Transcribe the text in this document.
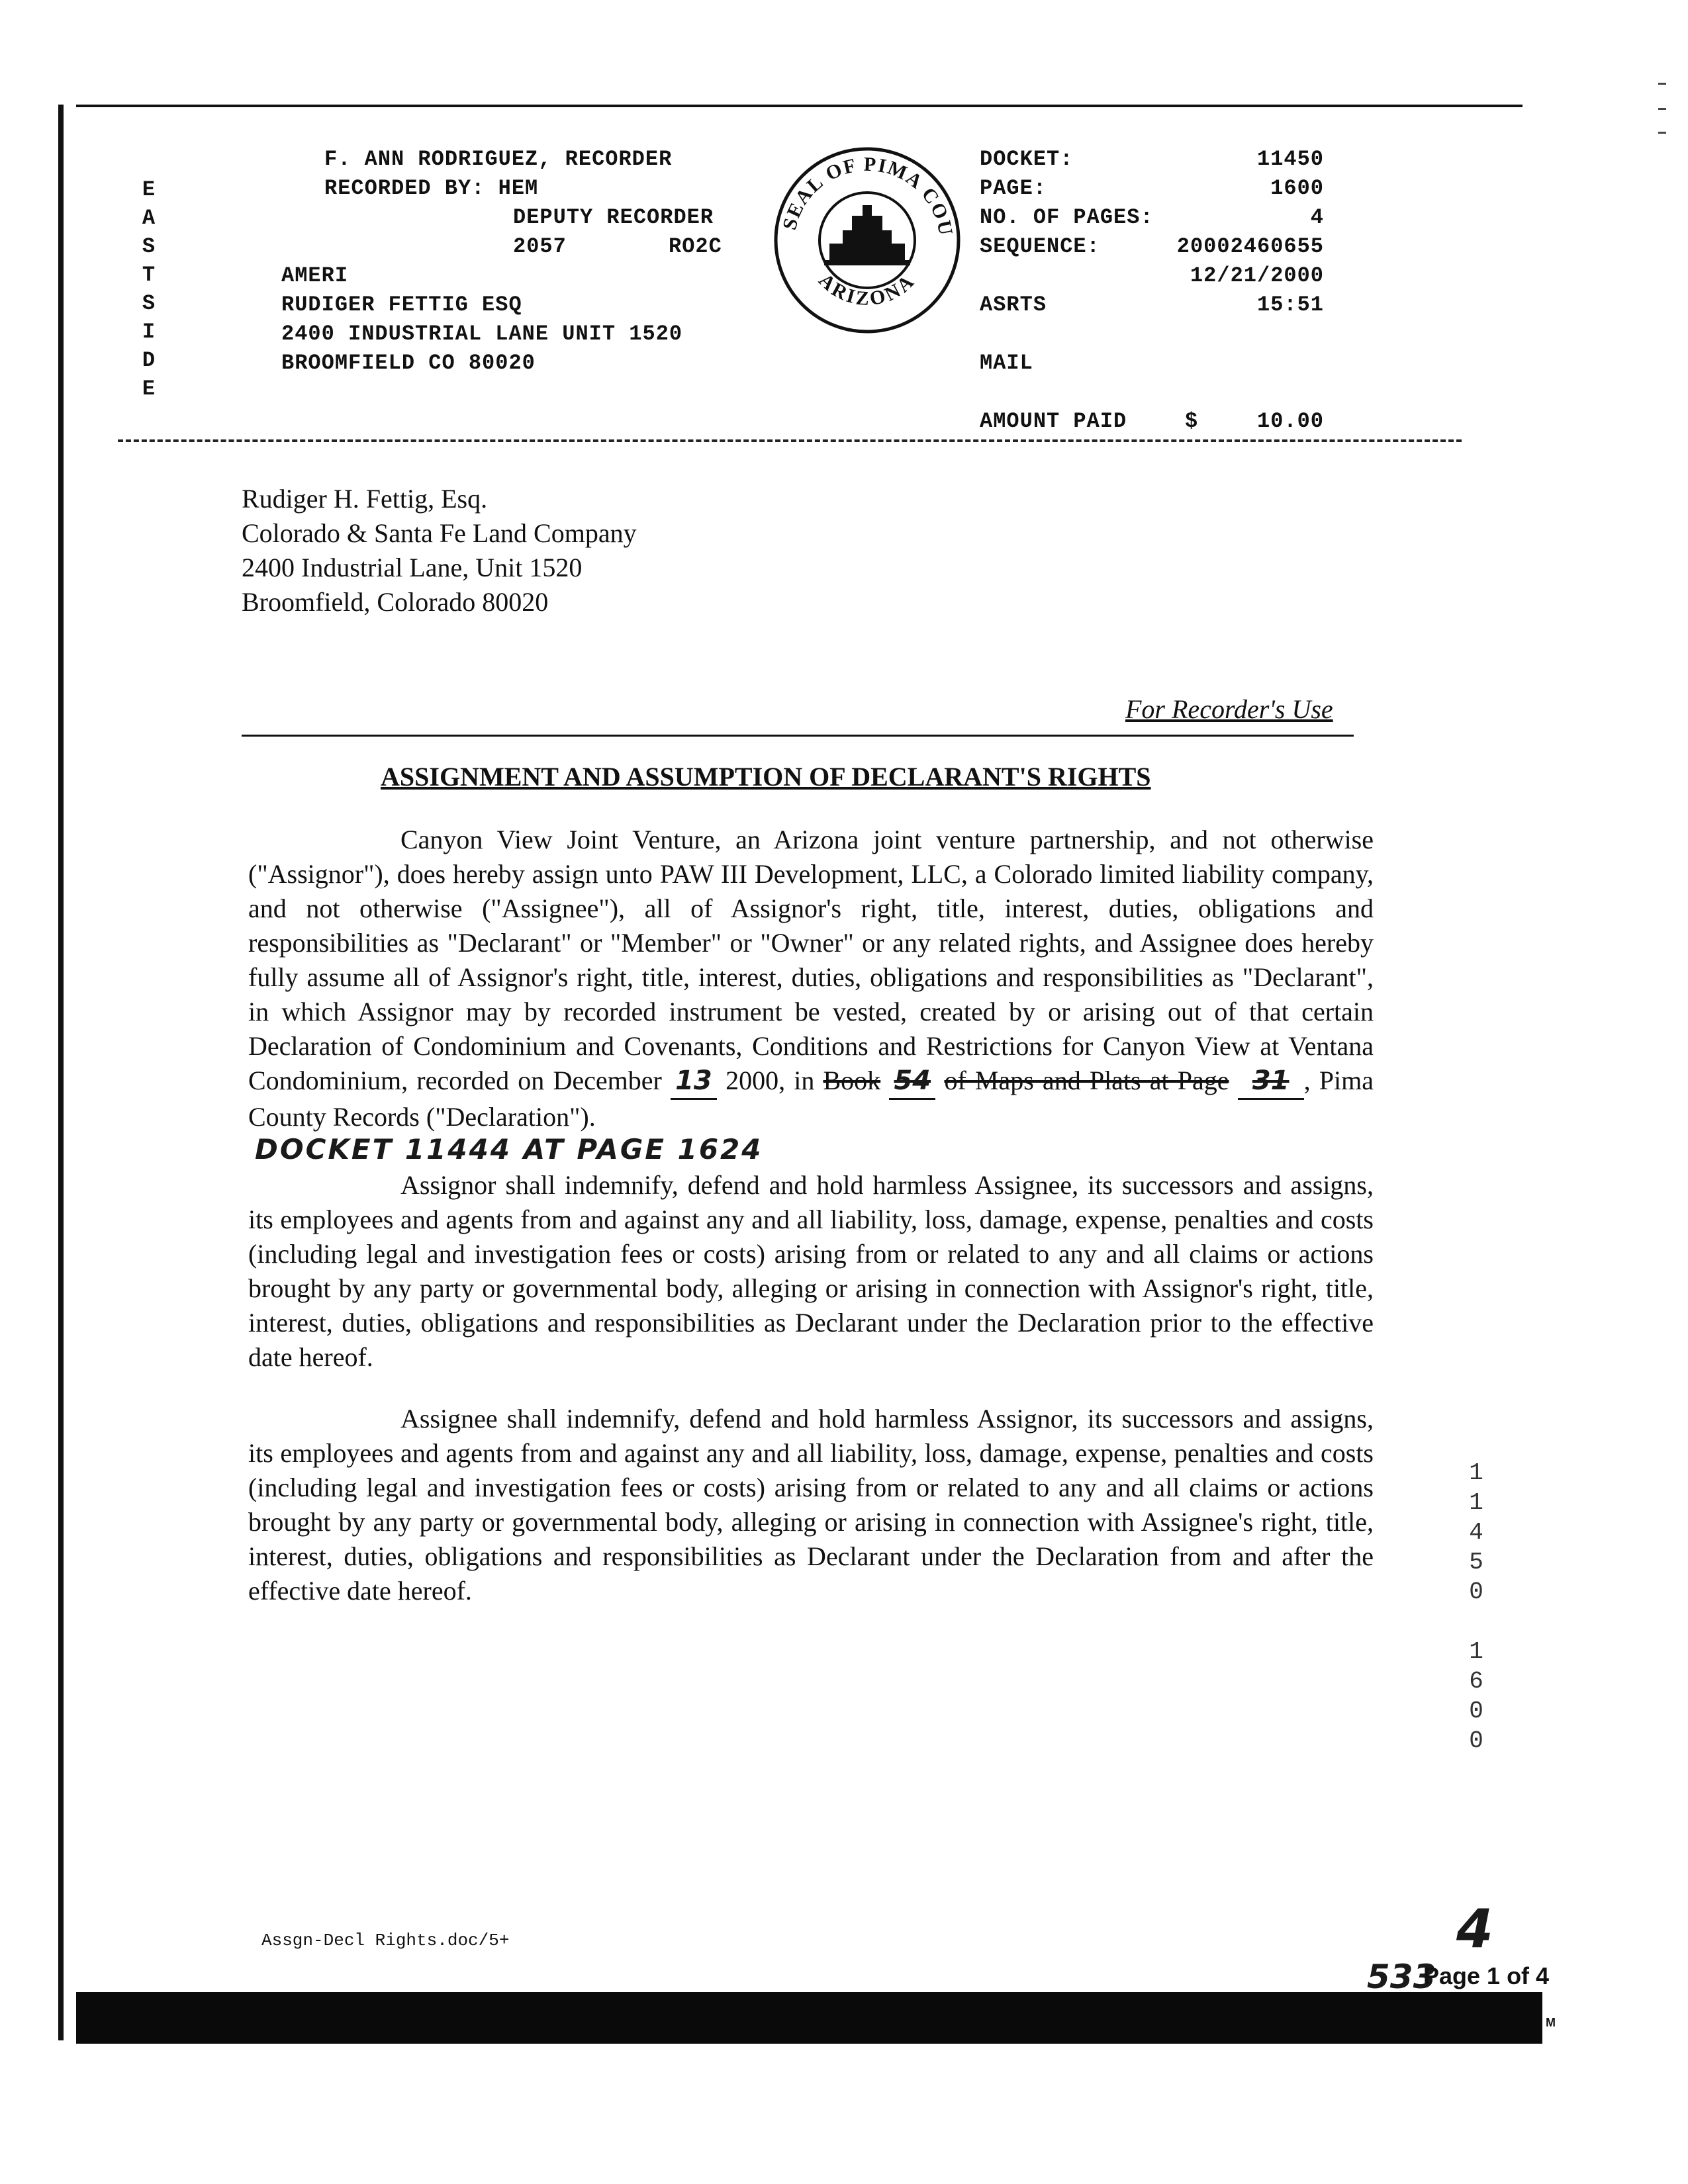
E
A
S
T
S
I
D
E
F. ANN RODRIGUEZ, RECORDER
RECORDED BY: HEM
DEPUTY RECORDER
2057	RO2C
AMERI
RUDIGER FETTIG ESQ
2400 INDUSTRIAL LANE UNIT 1520
BROOMFIELD CO 80020
SEAL OF PIMA COU
ARIZONA
DOCKET:	11450
PAGE:	1600
NO. OF PAGES:	4
SEQUENCE:	20002460655
12/21/2000
ASRTS	15:51
MAIL
AMOUNT PAID	$	10.00
Rudiger H. Fettig, Esq.
Colorado & Santa Fe Land Company
2400 Industrial Lane, Unit 1520
Broomfield, Colorado 80020
For Recorder's Use
ASSIGNMENT AND ASSUMPTION OF DECLARANT'S RIGHTS
Canyon View Joint Venture, an Arizona joint venture partnership, and not otherwise ("Assignor"), does hereby assign unto PAW III Development, LLC, a Colorado limited liability company, and not otherwise ("Assignee"), all of Assignor's right, title, interest, duties, obligations and responsibilities as "Declarant" or "Member" or "Owner" or any related rights, and Assignee does hereby fully assume all of Assignor's right, title, interest, duties, obligations and responsibilities as "Declarant", in which Assignor may by recorded instrument be vested, created by or arising out of that certain Declaration of Condominium and Covenants, Conditions and Restrictions for Canyon View at Ventana Condominium, recorded on December 13 2000, in Book 54 of Maps and Plats at Page 31 , Pima County Records ("Declaration").
DOCKET 11444 AT PAGE 1624
Assignor shall indemnify, defend and hold harmless Assignee, its successors and assigns, its employees and agents from and against any and all liability, loss, damage, expense, penalties and costs (including legal and investigation fees or costs) arising from or related to any and all claims or actions brought by any party or governmental body, alleging or arising in connection with Assignor's right, title, interest, duties, obligations and responsibilities as Declarant under the Declaration prior to the effective date hereof.
Assignee shall indemnify, defend and hold harmless Assignor, its successors and assigns, its employees and agents from and against any and all liability, loss, damage, expense, penalties and costs (including legal and investigation fees or costs) arising from or related to any and all claims or actions brought by any party or governmental body, alleging or arising in connection with Assignee's right, title, interest, duties, obligations and responsibilities as Declarant under the Declaration from and after the effective date hereof.
1
1
4
5
0
1
6
0
0
Assgn-Decl Rights.doc/5+	4
533
Page 1 of 4
M
